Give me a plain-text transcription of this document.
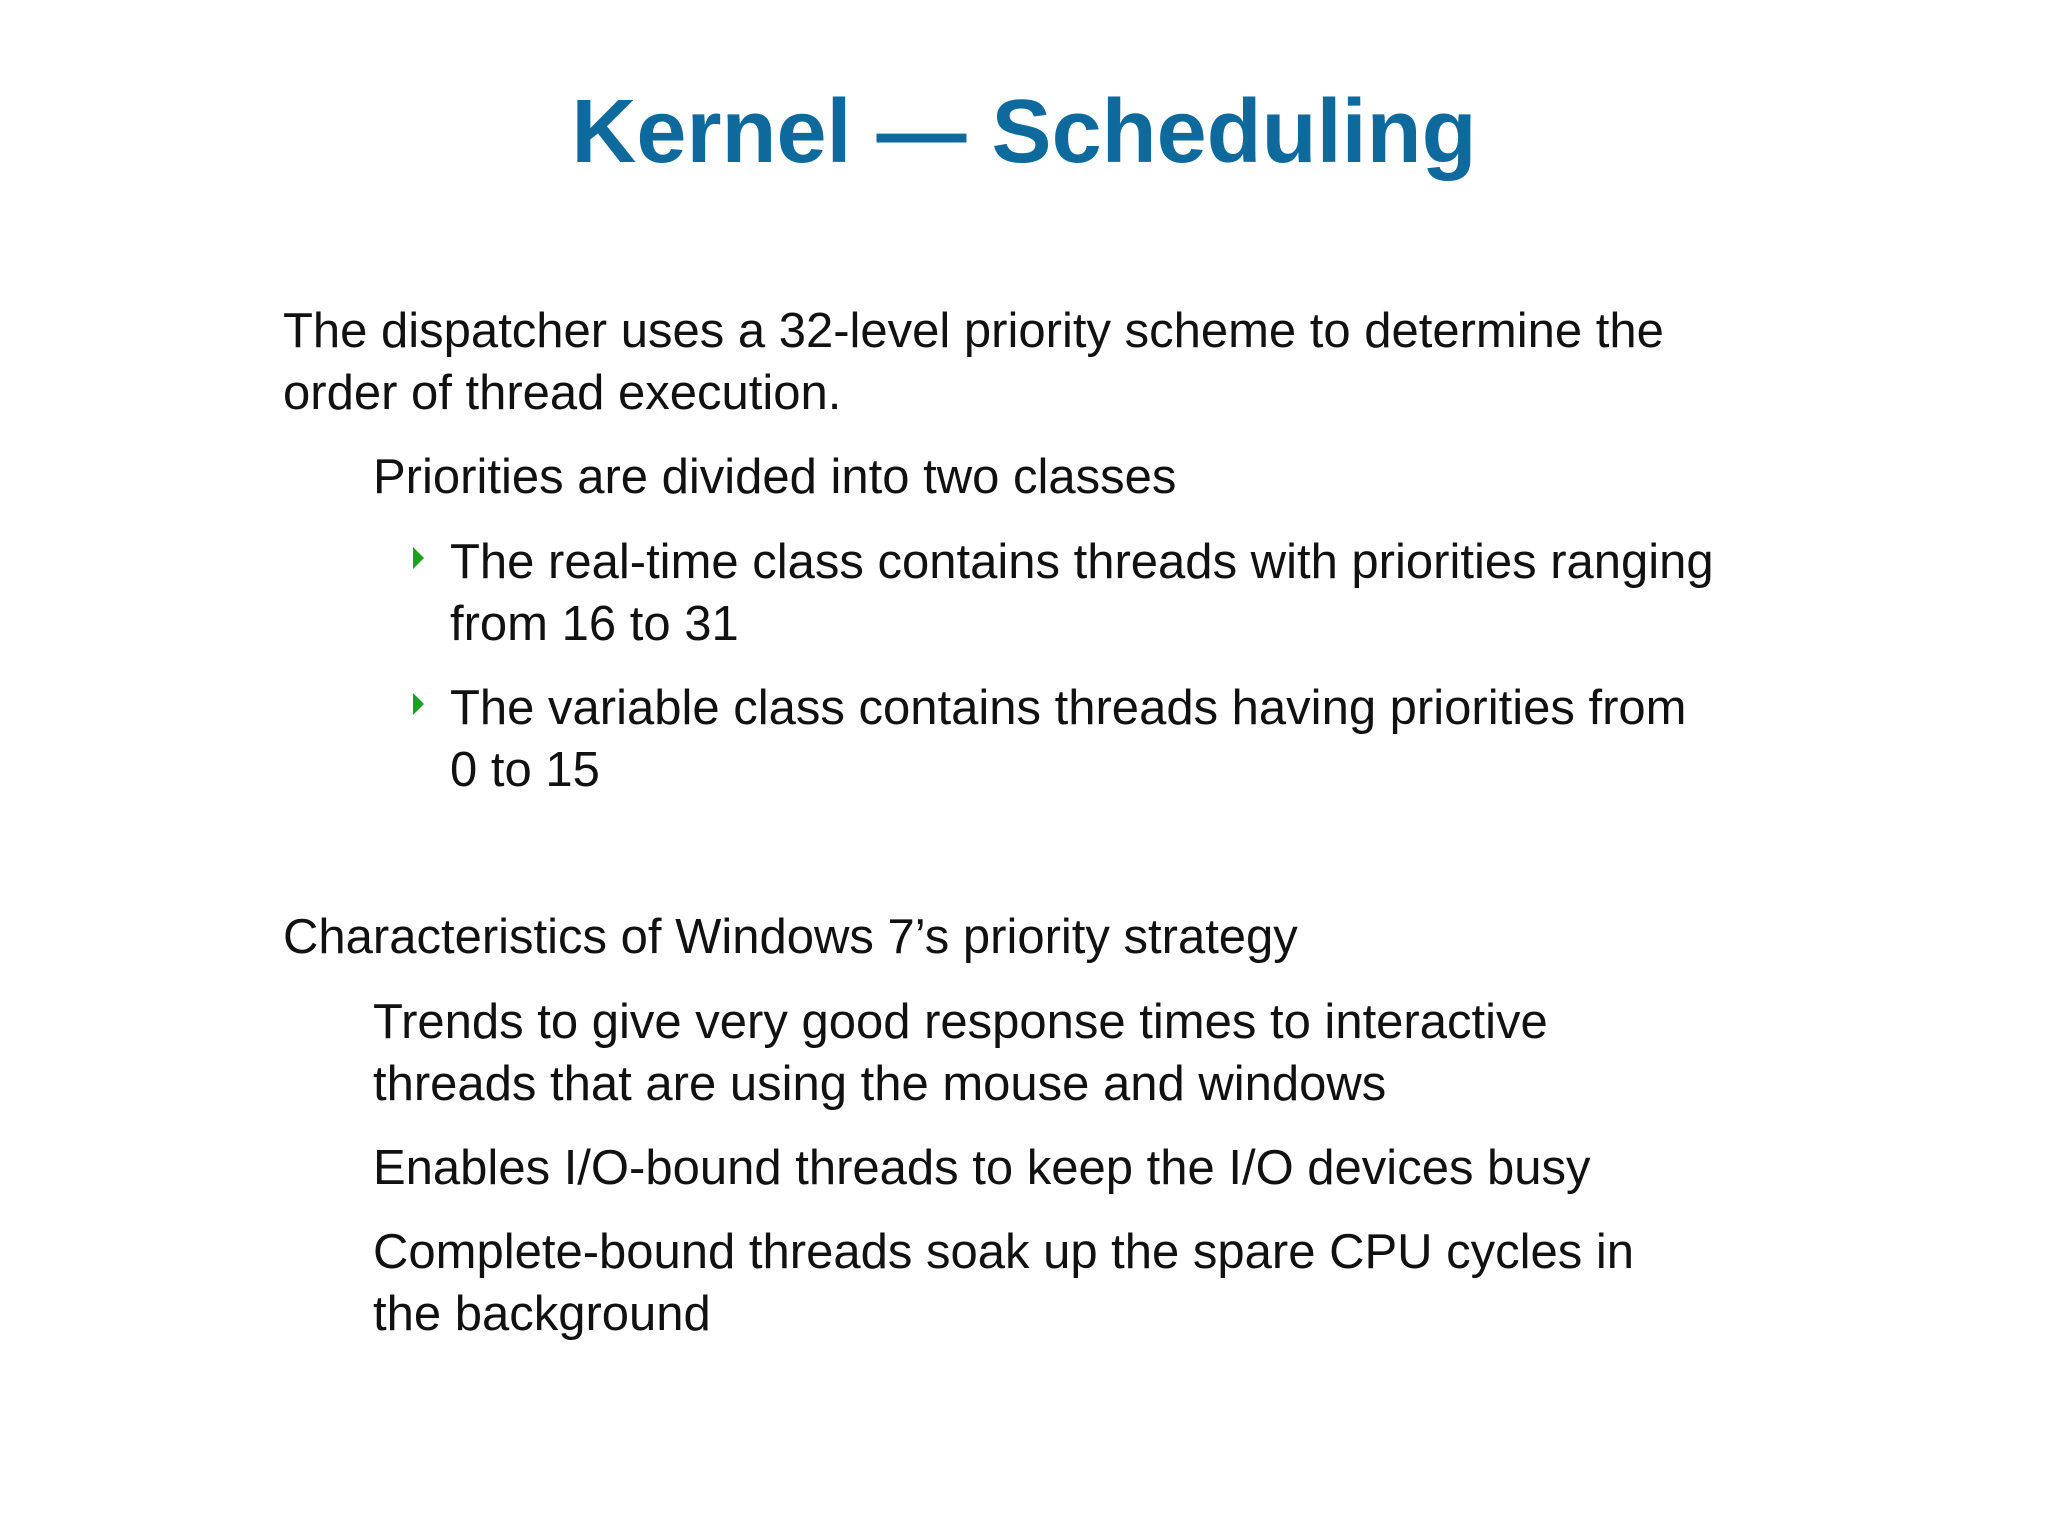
Kernel — Scheduling

The dispatcher uses a 32-level priority scheme to determine the

order of thread execution.

Priorities are divided into two classes

The real-time class contains threads with priorities ranging

from 16 to 31

The variable class contains threads having priorities from

0 to 15

Characteristics of Windows 7’s priority strategy

Trends to give very good response times to interactive

threads that are using the mouse and windows

Enables I/O-bound threads to keep the I/O devices busy

Complete-bound threads soak up the spare CPU cycles in

the background
